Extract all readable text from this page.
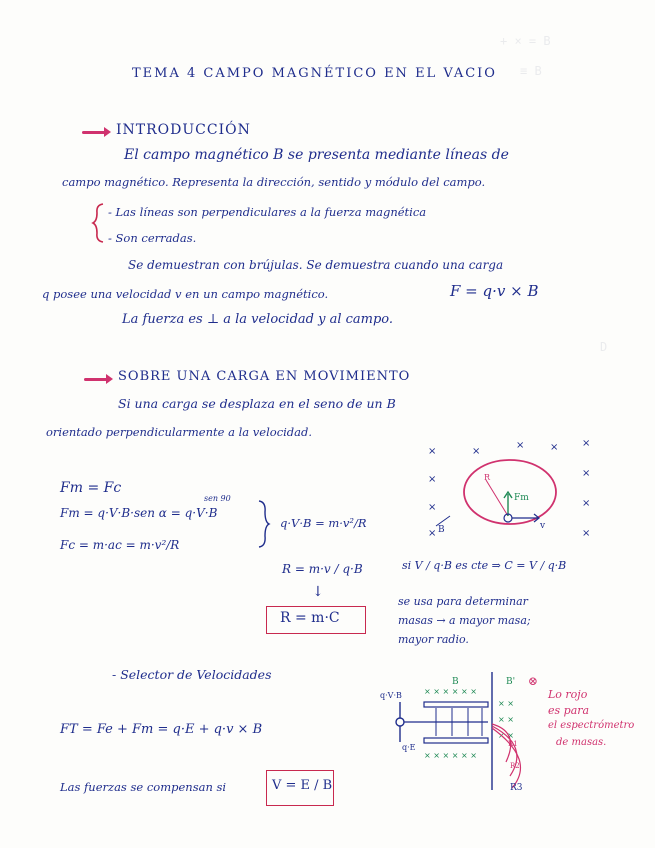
+ × = B
≡ B
D
TEMA 4 CAMPO MAGNÉTICO EN EL VACIO
INTRODUCCIÓN
El campo magnético B se presenta mediante líneas de
campo magnético. Representa la dirección, sentido y módulo del campo.
- Las líneas son perpendiculares a la fuerza magnética
- Son cerradas.
Se demuestran con brújulas. Se demuestra cuando una carga
q posee una velocidad v en un campo magnético.	F = q·v × B
La fuerza es ⊥ a la velocidad y al campo.
SOBRE UNA CARGA EN MOVIMIENTO
Si una carga se desplaza en el seno de un B
orientado perpendicularmente a la velocidad.
Fm = Fc
sen 90
Fm = q·V·B·sen α = q·V·B
Fc = m·ac = m·v²/R
q·V·B = m·v²/R
R = m·v / q·B
↓
R = m·C
si V / q·B es cte ⇒ C = V / q·B
se usa para determinar
masas → a mayor masa;
mayor radio.
×	×
×	× ×
×
×
×	×
×	×
R
Fm
B	v
- Selector de Velocidades
FT = Fe + Fm = q·E + q·v × B
Las fuerzas se compensan si	V = E / B
× × × × × ×
× ×
× ×
× ×
× × × × × ×
q·V·B
q·E
B	B'
R1
R2
R3
⊗
Lo rojo
es para
el espectrómetro
de masas.
